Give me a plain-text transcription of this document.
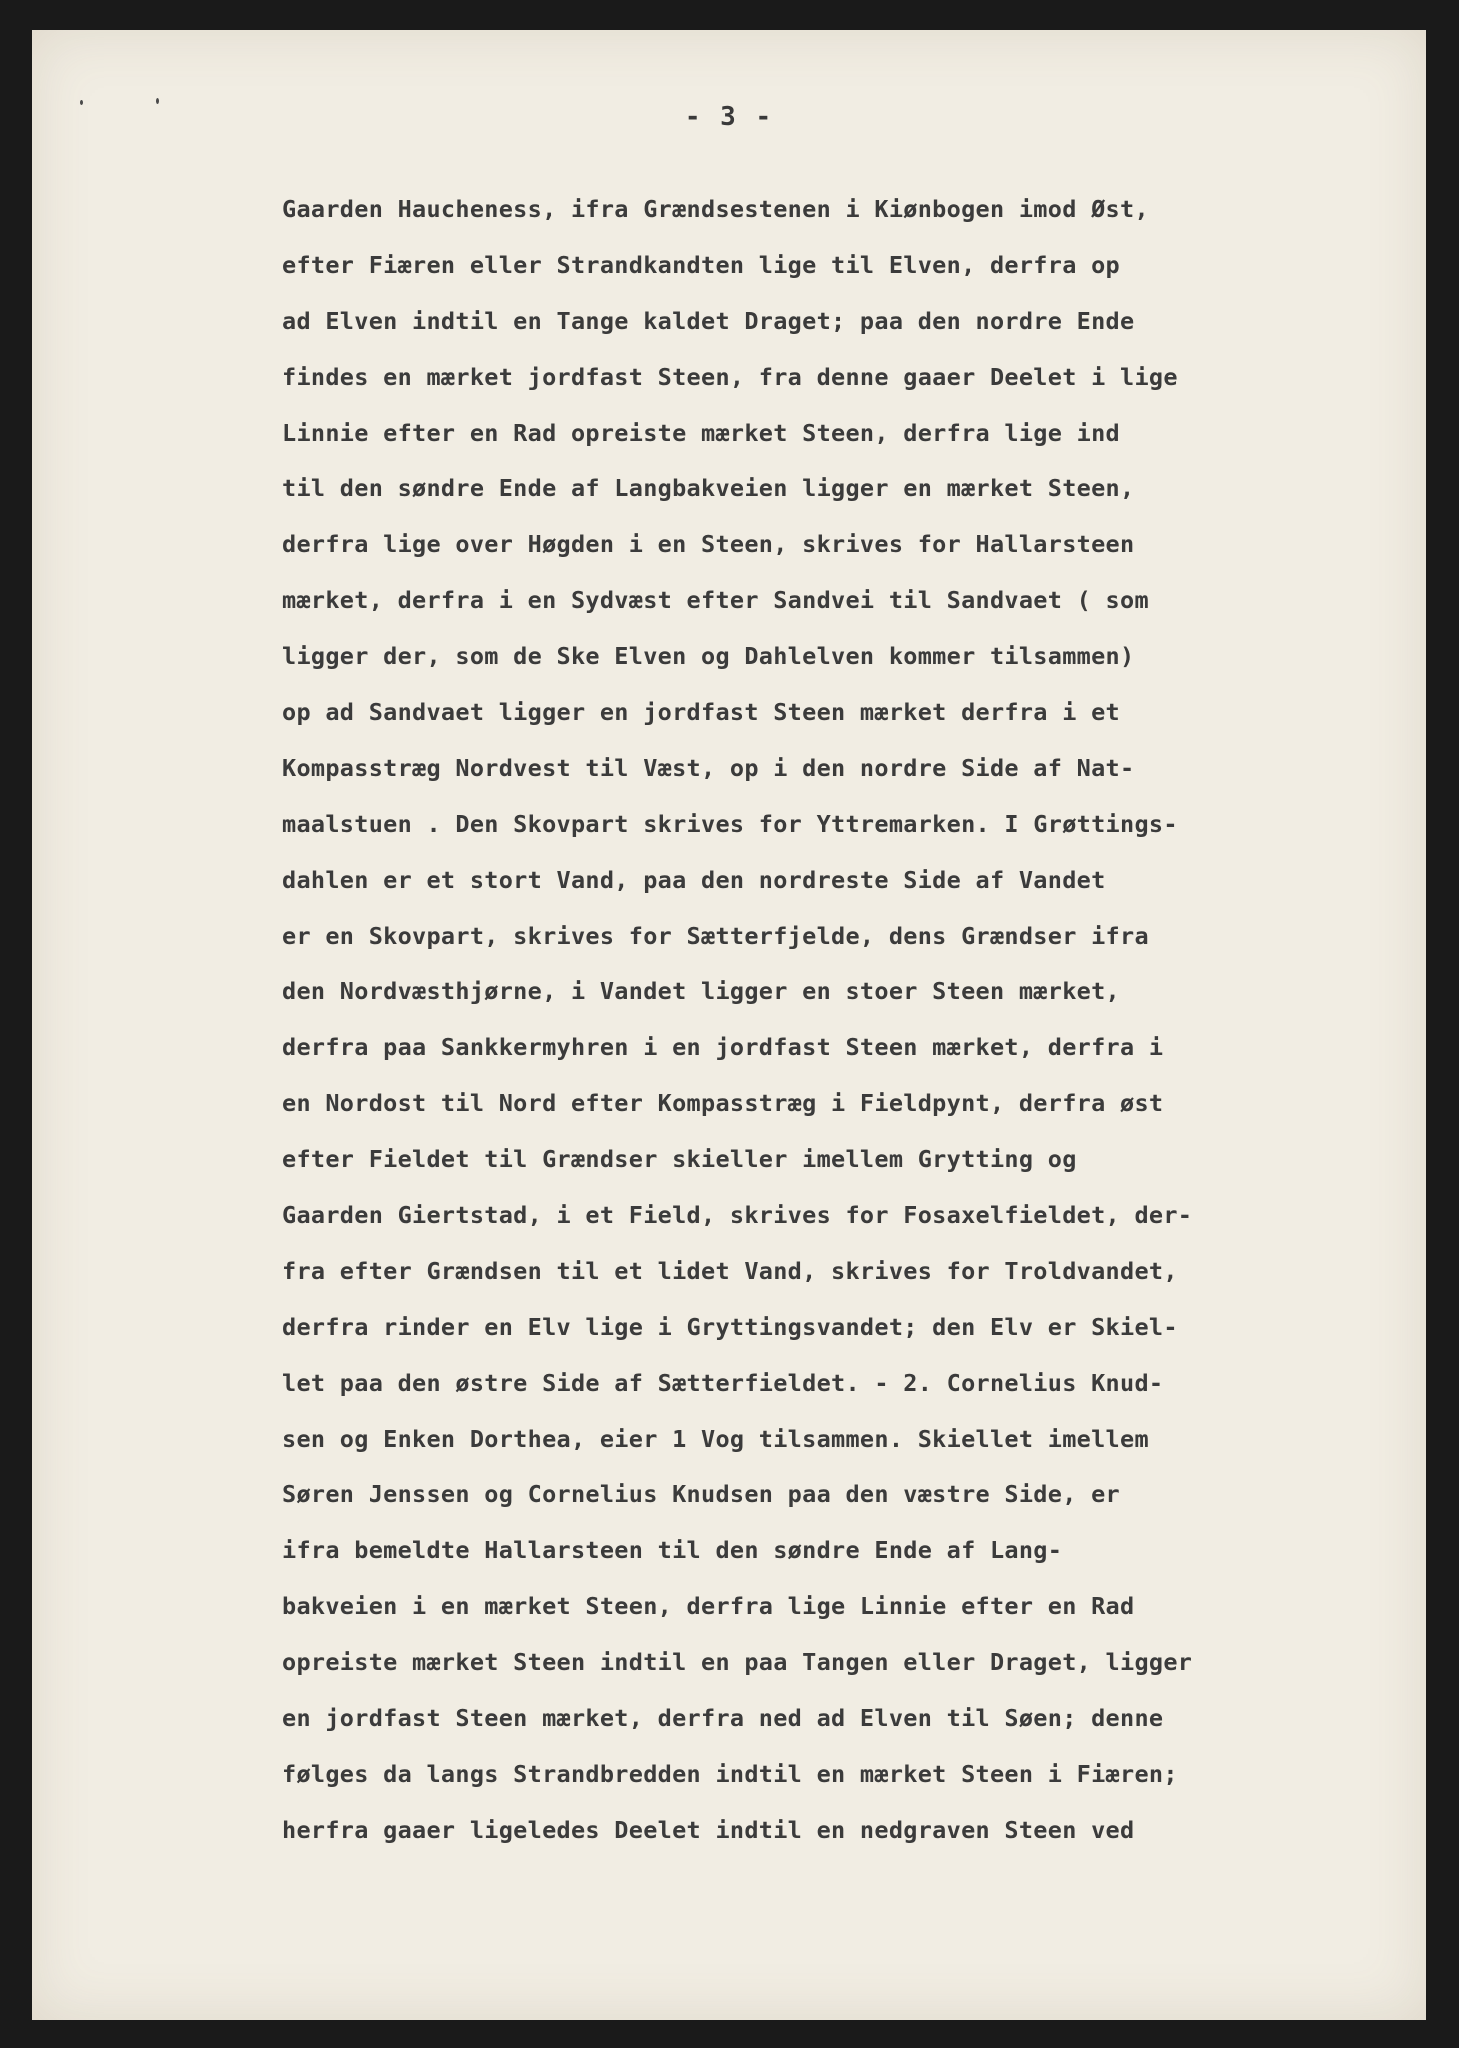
- 3 -
Gaarden Haucheness, ifra Grændsestenen i Kiønbogen imod Øst,
efter Fiæren eller Strandkandten lige til Elven, derfra op
ad Elven indtil en Tange kaldet Draget; paa den nordre Ende
findes en mærket jordfast Steen, fra denne gaaer Deelet i lige
Linnie efter en Rad opreiste mærket Steen, derfra lige ind
til den søndre Ende af Langbakveien ligger en mærket Steen,
derfra lige over Høgden i en Steen, skrives for Hallarsteen
mærket, derfra i en Sydvæst efter Sandvei til Sandvaet ( som
ligger der, som de Ske Elven og Dahlelven kommer tilsammen)
op ad Sandvaet ligger en jordfast Steen mærket derfra i et
Kompasstræg Nordvest til Væst, op i den nordre Side af Nat-
maalstuen . Den Skovpart skrives for Yttremarken. I Grøttings-
dahlen er et stort Vand, paa den nordreste Side af Vandet
er en Skovpart, skrives for Sætterfjelde, dens Grændser ifra
den Nordvæsthjørne, i Vandet ligger en stoer Steen mærket,
derfra paa Sankkermyhren i en jordfast Steen mærket, derfra i
en Nordost til Nord efter Kompasstræg i Fieldpynt, derfra øst
efter Fieldet til Grændser skieller imellem Grytting og
Gaarden Giertstad, i et Field, skrives for Fosaxelfieldet, der-
fra efter Grændsen til et lidet Vand, skrives for Troldvandet,
derfra rinder en Elv lige i Gryttingsvandet; den Elv er Skiel-
let paa den østre Side af Sætterfieldet. - 2. Cornelius Knud-
sen og Enken Dorthea, eier 1 Vog tilsammen. Skiellet imellem
Søren Jenssen og Cornelius Knudsen paa den væstre Side, er
ifra bemeldte Hallarsteen til den søndre Ende af Lang-
bakveien i en mærket Steen, derfra lige Linnie efter en Rad
opreiste mærket Steen indtil en paa Tangen eller Draget, ligger
en jordfast Steen mærket, derfra ned ad Elven til Søen; denne
følges da langs Strandbredden indtil en mærket Steen i Fiæren;
herfra gaaer ligeledes Deelet indtil en nedgraven Steen ved
